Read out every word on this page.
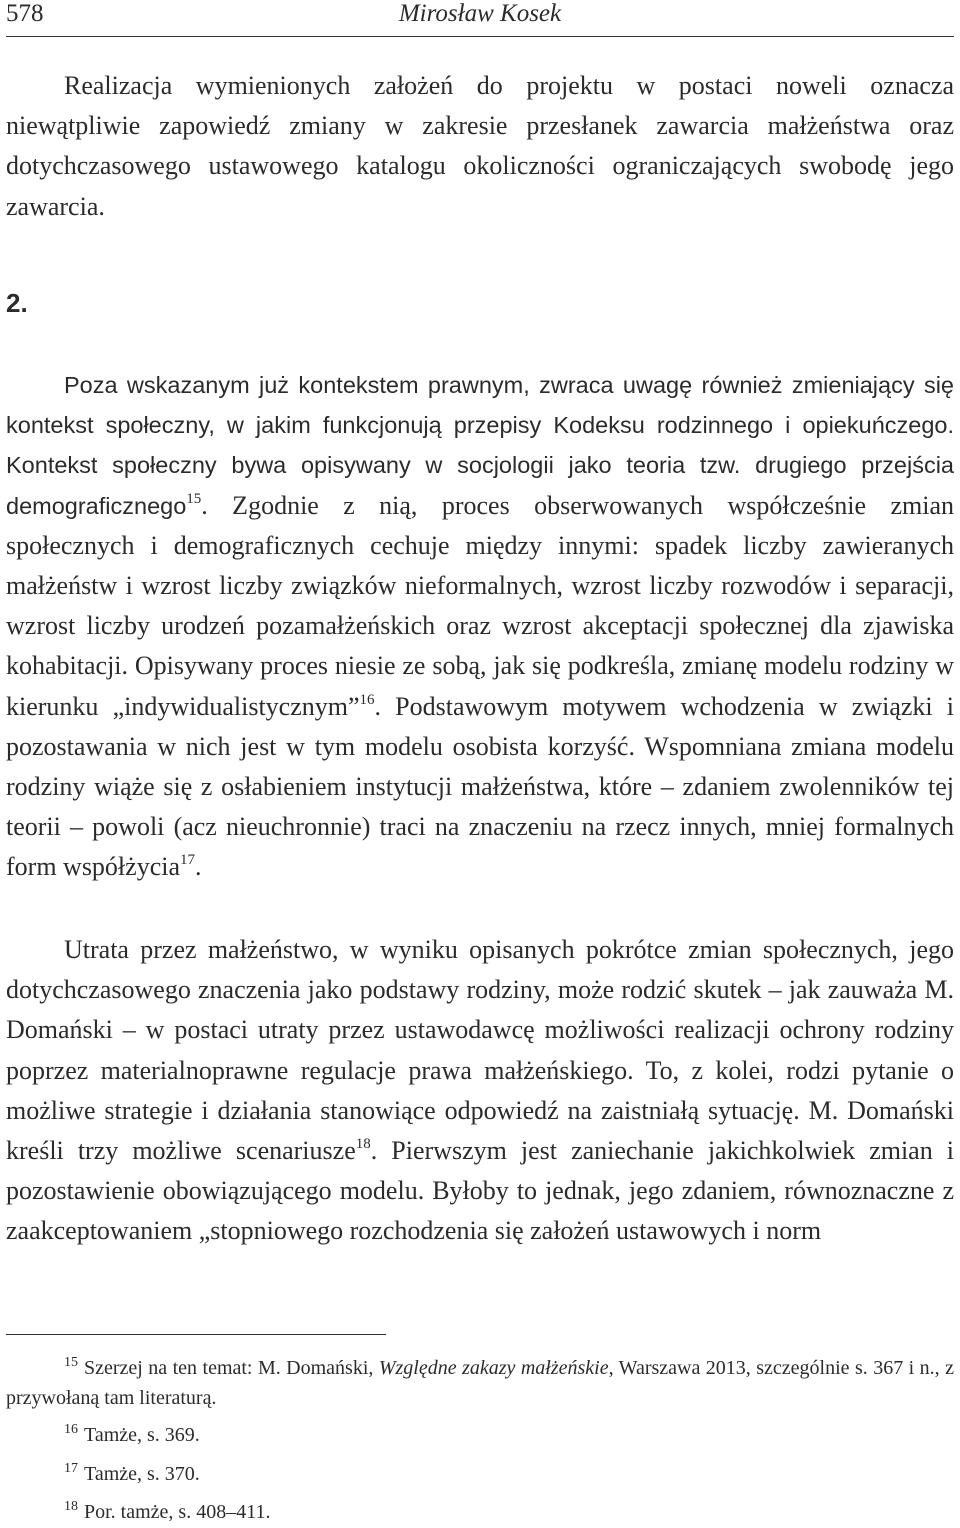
578	Mirosław Kosek

Realizacja wymienionych założeń do projektu w postaci noweli oznacza niewątpliwie zapowiedź zmiany w zakresie przesłanek zawarcia małżeństwa oraz dotychczasowego ustawowego katalogu okoliczności ograniczających swobodę jego zawarcia.

2.

Poza wskazanym już kontekstem prawnym, zwraca uwagę również zmieniający się kontekst społeczny, w jakim funkcjonują przepisy Kodeksu rodzinnego i opiekuńczego. Kontekst społeczny bywa opisywany w socjologii jako teoria tzw. drugiego przejścia demograficznego$^{15}$. Zgodnie z nią, proces obserwowanych współcześnie zmian społecznych i demograficznych cechuje między innymi: spadek liczby zawieranych małżeństw i wzrost liczby związków nieformalnych, wzrost liczby rozwodów i separacji, wzrost liczby urodzeń pozamałżeńskich oraz wzrost akceptacji społecznej dla zjawiska kohabitacji. Opisywany proces niesie ze sobą, jak się podkreśla, zmianę modelu rodziny w kierunku „indywidualistycznym”$^{16}$. Podstawowym motywem wchodzenia w związki i pozostawania w nich jest w tym modelu osobista korzyść. Wspomniana zmiana modelu rodziny wiąże się z osłabieniem instytucji małżeństwa, które – zdaniem zwolenników tej teorii – powoli (acz nieuchronnie) traci na znaczeniu na rzecz innych, mniej formalnych form współżycia$^{17}$.

Utrata przez małżeństwo, w wyniku opisanych pokrótce zmian społecznych, jego dotychczasowego znaczenia jako podstawy rodziny, może rodzić skutek – jak zauważa M. Domański – w postaci utraty przez ustawodawcę możliwości realizacji ochrony rodziny poprzez materialnoprawne regulacje prawa małżeńskiego. To, z kolei, rodzi pytanie o możliwe strategie i działania stanowiące odpowiedź na zaistniałą sytuację. M. Domański kreśli trzy możliwe scenariusze$^{18}$. Pierwszym jest zaniechanie jakichkolwiek zmian i pozostawienie obowiązującego modelu. Byłoby to jednak, jego zdaniem, równoznaczne z zaakceptowaniem „stopniowego rozchodzenia się założeń ustawowych i norm

15 Szerzej na ten temat: M. Domański, Względne zakazy małżeńskie, Warszawa 2013, szczególnie s. 367 i n., z przywołaną tam literaturą.

16 Tamże, s. 369.

17 Tamże, s. 370.

18 Por. tamże, s. 408–411.
